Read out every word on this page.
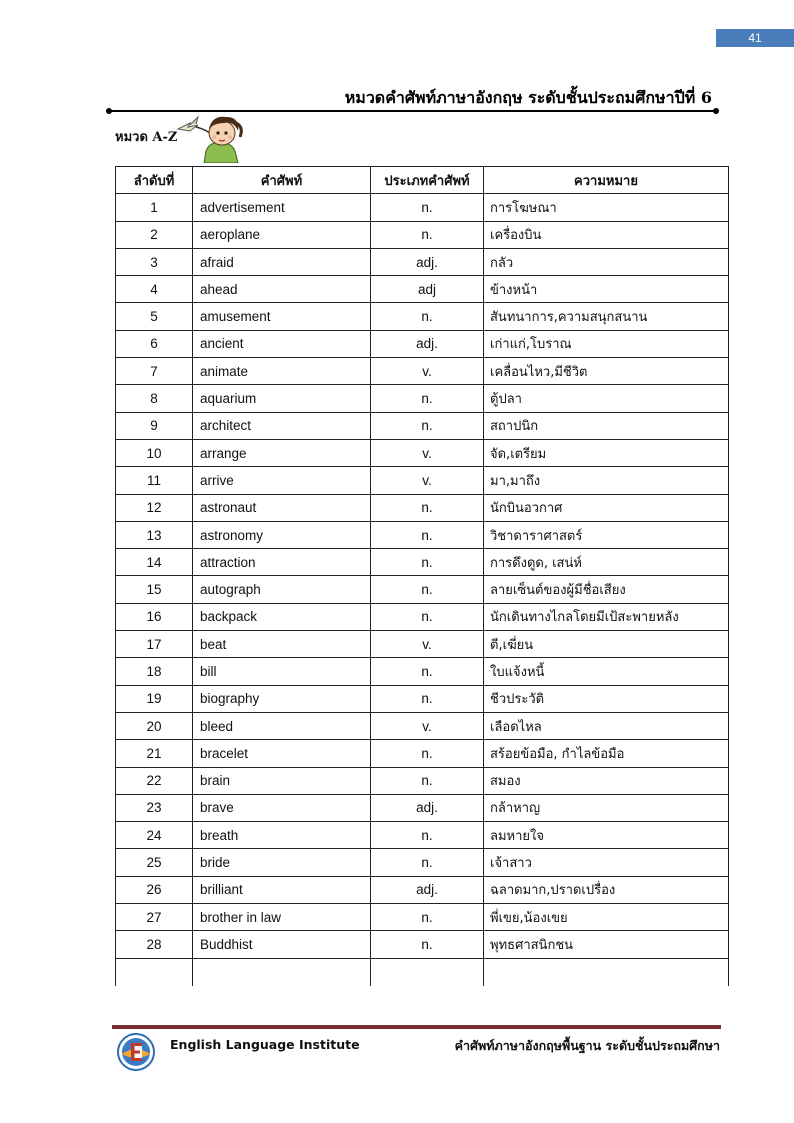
41
หมวดคำศัพท์ภาษาอังกฤษ ระดับชั้นประถมศึกษาปีที่ 6
หมวด A-Z
ลำดับที่	คำศัพท์	ประเภทคำศัพท์	ความหมาย
1	advertisement	n.	การโฆษณา
2	aeroplane	n.	เครื่องบิน
3	afraid	adj.	กลัว
4	ahead	adj	ข้างหน้า
5	amusement	n.	สันทนาการ,ความสนุกสนาน
6	ancient	adj.	เก่าแก่,โบราณ
7	animate	v.	เคลื่อนไหว,มีชีวิต
8	aquarium	n.	ตู้ปลา
9	architect	n.	สถาปนิก
10	arrange	v.	จัด,เตรียม
11	arrive	v.	มา,มาถึง
12	astronaut	n.	นักบินอวกาศ
13	astronomy	n.	วิชาดาราศาสตร์
14	attraction	n.	การดึงดูด, เสน่ห์
15	autograph	n.	ลายเซ็นต์ของผู้มีชื่อเสียง
16	backpack	n.	นักเดินทางไกลโดยมีเป้สะพายหลัง
17	beat	v.	ตี,เฆี่ยน
18	bill	n.	ใบแจ้งหนี้
19	biography	n.	ชีวประวัติ
20	bleed	v.	เลือดไหล
21	bracelet	n.	สร้อยข้อมือ, กำไลข้อมือ
22	brain	n.	สมอง
23	brave	adj.	กล้าหาญ
24	breath	n.	ลมหายใจ
25	bride	n.	เจ้าสาว
26	brilliant	adj.	ฉลาดมาก,ปราดเปรื่อง
27	brother in law	n.	พี่เขย,น้องเขย
28	Buddhist	n.	พุทธศาสนิกชน

English Language Institute	คำศัพท์ภาษาอังกฤษพื้นฐาน ระดับชั้นประถมศึกษา
